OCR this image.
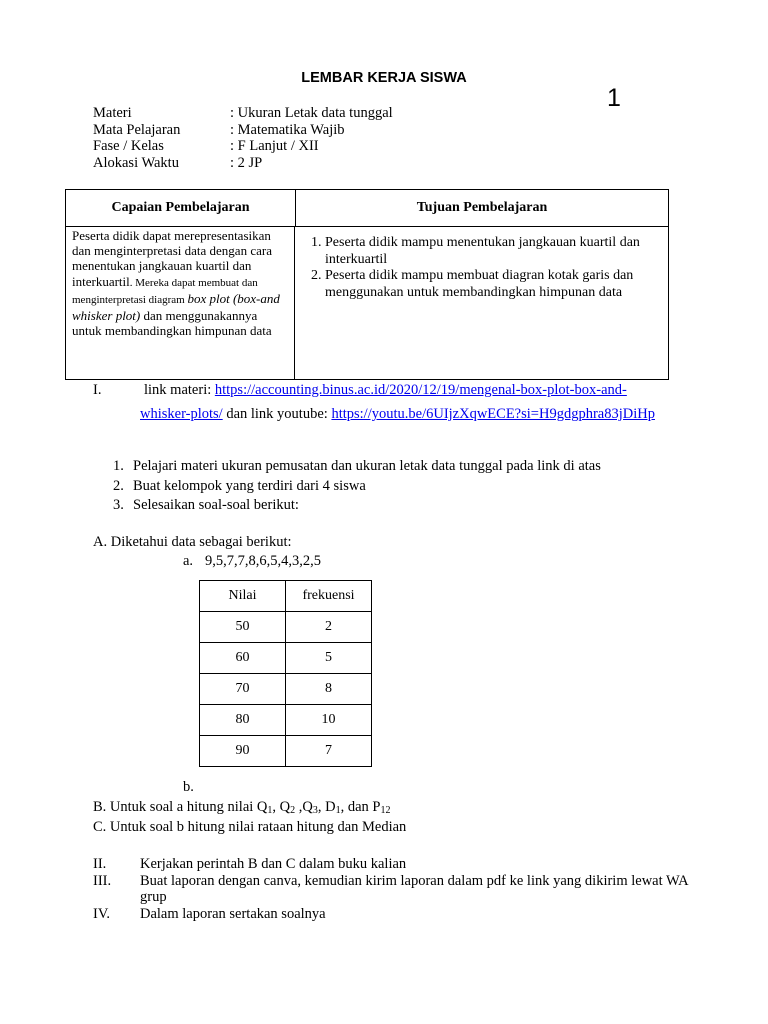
LEMBAR KERJA SISWA
1
Materi	: Ukuran Letak data tunggal
Mata Pelajaran	: Matematika Wajib
Fase / Kelas	: F Lanjut / XII
Alokasi Waktu	: 2 JP
Capaian Pembelajaran	Tujuan Pembelajaran
Peserta didik dapat merepresentasikan dan menginterpretasi data dengan cara menentukan jangkauan kuartil dan interkuartil. Mereka dapat membuat dan menginterpretasi diagram box plot (box-and whisker plot) dan menggunakannya untuk membandingkan himpunan data
1. Peserta didik mampu menentukan jangkauan kuartil dan interkuartil
2. Peserta didik mampu membuat diagran kotak garis dan menggunakan untuk membandingkan himpunan data
I.	link materi: https://accounting.binus.ac.id/2020/12/19/mengenal-box-plot-box-and-
whisker-plots/ dan link youtube: https://youtu.be/6UIjzXqwECE?si=H9gdgphra83jDiHp
1. Pelajari materi ukuran pemusatan dan ukuran letak data tunggal pada link di atas
2. Buat kelompok yang terdiri dari 4 siswa
3. Selesaikan soal-soal berikut:
A. Diketahui data sebagai berikut:
a. 9,5,7,7,8,6,5,4,3,2,5
Nilai	frekuensi
50	2
60	5
70	8
80	10
90	7
b.
B. Untuk soal a hitung nilai $Q_1$, $Q_2$ $,Q_3$, $D_1$, dan $P_{12}$
C. Untuk soal b hitung nilai rataan hitung dan Median
II.	Kerjakan perintah B dan C dalam buku kalian
III.	Buat laporan dengan canva, kemudian kirim laporan dalam pdf ke link yang dikirim lewat WA grup
IV.	Dalam laporan sertakan soalnya
